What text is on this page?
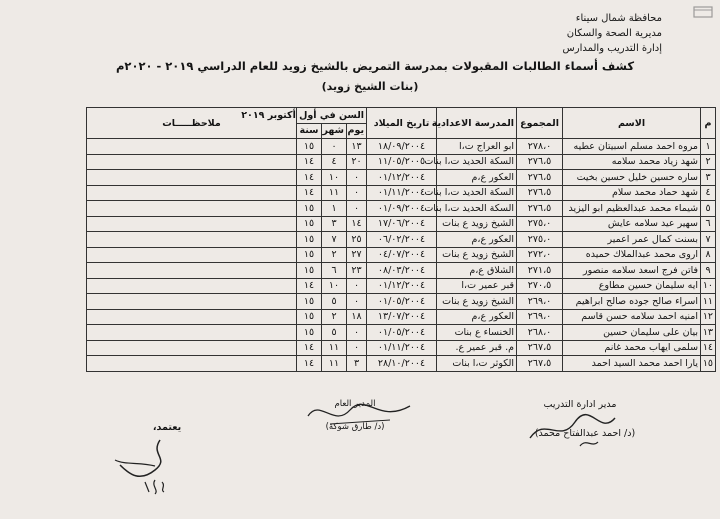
محافظة شمال سيناء
مديرية الصحة والسكان
إدارة التدريب والمدارس
كشف أسماء الطالبات المقبولات بمدرسة التمريض بالشيخ زويد للعام الدراسي ٢٠١٩ - ٢٠٢٠م
(بنات الشيخ زويد)
م	الاسم	المجموع	المدرسة الاعدادية	تاريخ الميلاد	السن في أول أكتوبر ٢٠١٩			ملاحظـــــات
					يوم	شهر	سنة	
١	مروه احمد مسلم اسبيتان عطيه	٢٧٨،٠	ابو العراج ت،ا	١٨/٠٩/٢٠٠٤	١٣	٠	١٥	
٢	شهد زياد محمد سلامه	٢٧٦،٥	السكة الحديد ت،ا بنات	١١/٠٥/٢٠٠٥	٢٠	٤	١٤	
٣	ساره حسين خليل حسين بخيت	٢٧٦،٥	العكور ع،م	٠١/١٢/٢٠٠٤	٠	١٠	١٤	
٤	شهد حماد محمد سلام	٢٧٦،٥	السكة الحديد ت،ا بنات	٠١/١١/٢٠٠٤	٠	١١	١٤	
٥	شيماء محمد عبدالعظيم ابو اليزيد	٢٧٦،٥	السكة الحديد ت،ا بنات	٠١/٠٩/٢٠٠٤	٠	١	١٥	
٦	سهير عيد سلامه عايش	٢٧٥،٠	الشيخ زويد ع بنات	١٧/٠٦/٢٠٠٤	١٤	٣	١٥	
٧	بسنت كمال عمر اعمير	٢٧٥،٠	العكور ع،م	٠٦/٠٢/٢٠٠٤	٢٥	٧	١٥	
٨	اروى محمد عبدالملاك حميده	٢٧٢،٠	الشيخ زويد ع بنات	٠٤/٠٧/٢٠٠٤	٢٧	٢	١٥	
٩	فاتن فرج اسعد سلامه منصور	٢٧١،٥	الشلاق ع،م	٠٨/٠٣/٢٠٠٤	٢٣	٦	١٥	
١٠	ايه سليمان حسين مطاوع	٢٧٠،٥	قبر عمير ت،ا	٠١/١٢/٢٠٠٤	٠	١٠	١٤	
١١	اسراء صالح جوده صالح ابراهيم	٢٦٩،٠	الشيخ زويد ع بنات	٠١/٠٥/٢٠٠٤	٠	٥	١٥	
١٢	امنيه احمد سلامه حسن قاسم	٢٦٩،٠	العكور ع،م	١٣/٠٧/٢٠٠٤	١٨	٢	١٥	
١٣	بيان على سليمان حسين	٢٦٨،٠	الخنساء ع بنات	٠١/٠٥/٢٠٠٤	٠	٥	١٥	
١٤	سلمى ايهاب محمد غانم	٢٦٧،٥	م. قبر عمير ع.	٠١/١١/٢٠٠٤	٠	١١	١٤	
١٥	يارا احمد محمد السيد احمد	٢٦٧،٥	الكوثر ت،ا بنات	٢٨/١٠/٢٠٠٤	٣	١١	١٤	
مدير ادارة التدريب
(د/ احمد عبدالفتاح محمد)
المدير العام
(د/ طارق شوكة)
يعتمد،
